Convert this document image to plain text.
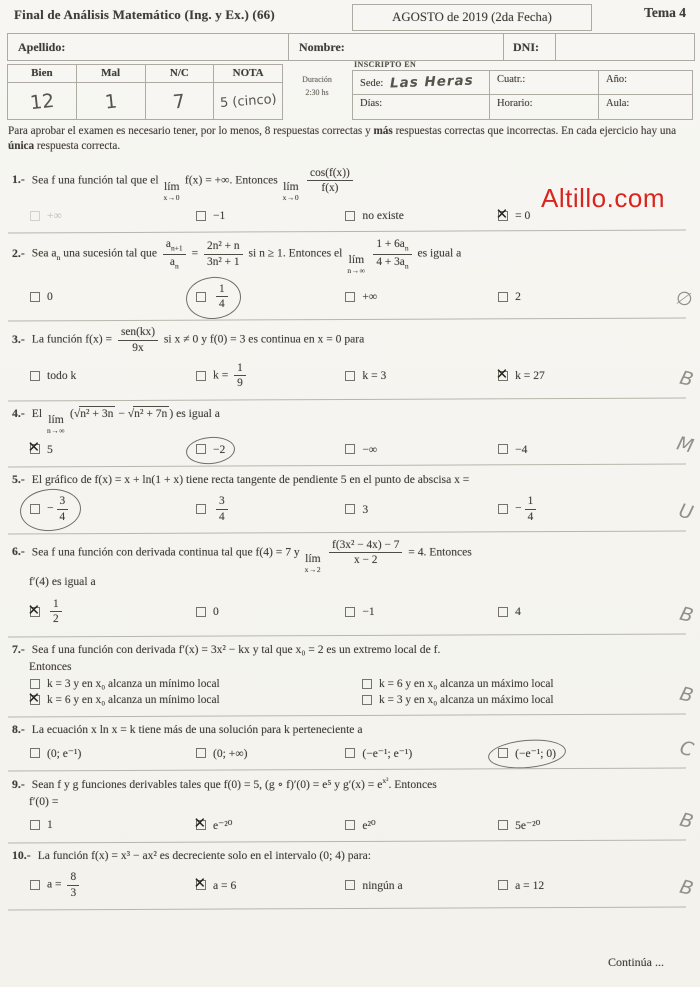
Final de Análisis Matemático (Ing. y Ex.) (66)	AGOSTO de 2019 (2da Fecha)	Tema 4
Apellido:	Nombre:	DNI:
Bien	Mal	N/C	NOTA
12	1	7	5 (cinco)
Duración
2:30 hs
INSCRIPTO EN
Sede: Las Heras	Cuatr.:	Año:
Días:	Horario:	Aula:
Para aprobar el examen es necesario tener, por lo menos, 8 respuestas correctas y más respuestas correctas que incorrectas. En cada ejercicio hay una única respuesta correcta.
1.- Sea f una función tal que el lím
x→0
f(x) = +∞. Entonces lím
x→0

$\frac{\cos(f(x))}{f(x)}$
+∞	−1	no existe ✕	= 0
2.- Sea $a_n$ una sucesión tal que $\frac{a_{n+1}}{a_n} = \frac{\text{2n² + n}}{\text{3n² + 1}}$ si n ≥ 1. Entonces el lím
n→∞

$\frac{1 + 6a_n}{4 + 3a_n}$ es igual a
0	$\frac{1}{4}$	+∞	2	∅
3.- La función $f(x) = \frac{\text{sen(kx)}}{9x}$ si x ≠ 0 y f(0) = 3 es continua en x = 0 para
todo k	$k = \frac{1}{9}$	k = 3 ✕	k = 27	B
4.- El lím
n→∞
(√n² + 3n − √n² + 7n ) es igual a
✕
5	−2	−∞	−4	M
5.- El gráfico de f(x) = x + ln(1 + x) tiene recta tangente de pendiente 5 en el punto de abscisa x =
− $\frac{3}{4}$	$\frac{3}{4}$	3	− $\frac{1}{4}$	U
6.- Sea f una función con derivada continua tal que f(4) = 7 y lím
x→2

$\frac{\text{f(3x² − 4x) − 7}}{x - 2} = 4$. Entonces
f′(4) es igual a
✕
$\frac{1}{2}$	0	−1	4	B
7.- Sea f una función con derivada f′(x) = 3x² − kx y tal que x₀ = 2 es un extremo local de f.
Entonces
k = 3 y en x₀ alcanza un mínimo local	k = 6 y en x₀ alcanza un máximo local
✕
k = 6 y en x₀ alcanza un mínimo local	k = 3 y en x₀ alcanza un máximo local	B
8.- La ecuación x ln x = k tiene más de una solución para k perteneciente a
(0; e⁻¹)	(0; +∞)	(−e⁻¹; e⁻¹)	(−e⁻¹; 0)	C
9.- Sean f y g funciones derivables tales que f(0) = 5, (g ∘ f)′(0) = e⁵ y $g'(x) = e^{x^2}$. Entonces
f′(0) =
1 ✕	e⁻²⁰	e²⁰	5e⁻²⁰	B
10.- La función f(x) = x³ − ax² es decreciente solo en el intervalo (0; 4) para:
$a = \frac{8}{3}$ ✕	a = 6	ningún a	a = 12	B
Altillo.com
Continúa ...
